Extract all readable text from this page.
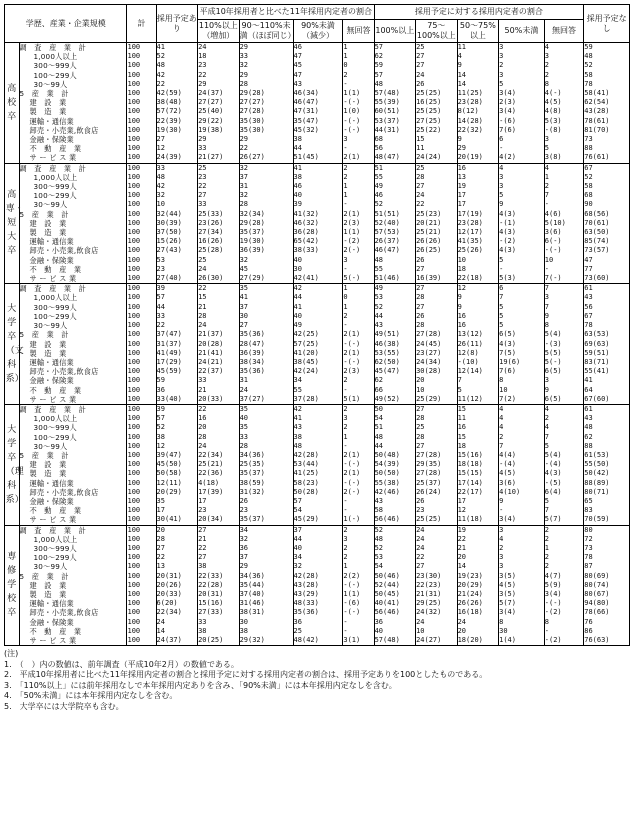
学歴、産業・企業規模		計	採用予定あり	平成10年採用者と比べた11年採用内定者の割合				採用予定に対する採用内定者の割合					採用予定なし
				110%以上（増加）	90～110%未満（ほぼ同じ）	90%未満（減少）	無回答	100%以上	75～100%以上	50～75%以上	50%未満	無回答	
高校卒	調　査　産　業　計	100	41	24	29	46	1	57	25	11	3	4	59
	1,000人以上	100	52	18	33	47	1	62	27	4	3	3	48
	300～999人	100	48	23	32	45	0	59	27	9	2	2	52
	100～299人	100	42	22	29	47	2	57	24	14	3	2	58
	30～99人	100	22	29	28	43	-	48	26	14	5	8	78
	5　産　業　計	100	42(59)	24(37)	29(28)	46(34)	1(1)	57(48)	25(25)	11(25)	3(4)	4(-)	58(41)
	建　設　業	100	38(48)	27(27)	27(27)	46(47)	-(-)	55(39)	16(25)	23(28)	2(3)	4(5)	62(54)
	製　造　業	100	57(72)	25(40)	27(28)	47(31)	1(0)	60(51)	25(25)	8(12)	3(4)	4(8)	43(28)
	運輸・通信業	100	22(39)	29(22)	35(30)	35(47)	-(-)	53(37)	27(25)	14(28)	-(6)	5(3)	78(61)
	卸売・小売業,飲食店	100	19(30)	19(38)	35(30)	45(32)	-(-)	44(31)	25(22)	22(32)	7(6)	-(8)	81(70)
	金融・保険業	100	27	29	29	38	3	68	15	9	6	3	73
	不　動　産　業	100	12	33	22	44	-	56	11	29	-	5	88
	サ ー ビ ス 業	100	24(39)	21(27)	26(27)	51(45)	2(1)	48(47)	24(24)	20(19)	4(2)	3(8)	76(61)
高専・短大卒	調　査　産　業　計	100	33	25	32	41	2	51	25	16	4	4	67
	1,000人以上	100	48	23	37	38	2	55	28	13	3	1	52
	300～999人	100	42	22	31	46	1	49	27	19	3	2	58
	100～299人	100	32	27	32	40	1	46	24	17	5	7	68
	30～99人	100	10	33	28	39	-	52	22	17	9	-	90
	5　産　業　計	100	32(44)	25(33)	32(34)	41(32)	2(1)	51(51)	25(23)	17(19)	4(3)	4(6)	68(56)
	建　設　業	100	30(39)	23(26)	29(28)	46(32)	2(3)	52(40)	20(21)	23(28)	-(1)	5(10)	70(61)
	製　造　業	100	37(50)	27(34)	35(37)	36(28)	1(1)	57(53)	25(21)	12(17)	4(3)	3(6)	63(50)
	運輸・通信業	100	15(26)	16(26)	19(30)	65(42)	-(2)	26(37)	26(26)	41(35)	-(2)	6(-)	85(74)
	卸売・小売業,飲食店	100	27(43)	25(28)	36(39)	38(33)	2(-)	46(47)	26(25)	25(26)	4(3)	-(-)	73(57)
	金融・保険業	100	53	25	32	40	3	48	26	10	5	10	47
	不　動　産　業	100	23	24	45	30	-	55	27	18	-	-	77
	サ ー ビ ス 業	100	27(40)	26(30)	27(29)	42(41)	5(-)	51(46)	16(39)	22(18)	5(3)	7(-)	73(60)
大学卒（文科系）	調　査　産　業　計	100	39	22	35	42	1	49	27	12	6	7	61
	1,000人以上	100	57	15	41	44	0	53	28	9	7	3	43
	300～999人	100	44	21	37	41	1	52	27	9	5	7	56
	100～299人	100	33	28	30	40	2	44	26	16	5	9	67
	30～99人	100	22	24	27	49	-	43	28	16	5	8	78
	5　産　業　計	100	37(47)	21(37)	35(36)	42(25)	2(1)	49(51)	27(28)	13(12)	6(5)	5(4)	63(53)
	建　設　業	100	31(37)	20(28)	28(47)	57(25)	-(-)	46(38)	24(45)	26(11)	4(3)	-(3)	69(63)
	製　造　業	100	41(49)	21(41)	36(39)	41(20)	2(1)	53(55)	23(27)	12(8)	7(5)	5(5)	59(51)
	運輸・通信業	100	17(29)	24(21)	38(34)	38(45)	-(-)	62(50)	24(34)	-(10)	19(6)	5(-)	83(71)
	卸売・小売業,飲食店	100	45(59)	22(37)	35(36)	42(24)	2(3)	45(47)	30(28)	12(14)	7(6)	6(5)	55(41)
	金融・保険業	100	59	33	31	34	2	62	20	7	8	3	41
	不　動　産　業	100	36	21	24	55	-	66	10	5	10	9	64
	サ ー ビ ス 業	100	33(40)	20(33)	37(27)	37(28)	5(1)	49(52)	25(29)	11(12)	7(2)	6(5)	67(60)
大学卒（理科系）	調　査　産　業　計	100	39	22	35	42	2	50	27	15	4	4	61
	1,000人以上	100	57	16	40	41	3	54	28	11	4	2	43
	300～999人	100	52	20	35	43	2	51	25	16	4	4	48
	100～299人	100	38	28	33	38	1	48	28	15	2	7	62
	30～99人	100	12	24	28	48	-	44	27	18	7	5	88
	5　産　業　計	100	39(47)	22(34)	34(36)	42(28)	2(1)	50(48)	27(28)	15(16)	4(4)	5(4)	61(53)
	建　設　業	100	45(50)	25(21)	25(35)	53(44)	-(-)	54(39)	29(35)	18(18)	-(4)	-(4)	55(50)
	製　造　業	100	50(58)	22(36)	35(37)	41(25)	2(1)	50(50)	27(28)	15(15)	4(5)	4(3)	50(42)
	運輸・通信業	100	12(11)	4(18)	38(59)	58(23)	-(-)	55(38)	25(37)	17(14)	3(6)	-(5)	88(89)
	卸売・小売業,飲食店	100	20(29)	17(39)	31(32)	50(28)	2(-)	42(46)	26(24)	22(17)	4(10)	6(4)	80(71)
	金融・保険業	100	35	17	26	57	-	43	26	17	9	5	65
	不　動　産　業	100	17	23	23	54	-	58	23	12	-	7	83
	サ ー ビ ス 業	100	30(41)	20(34)	35(37)	45(29)	1(-)	56(46)	25(25)	11(18)	3(4)	5(7)	70(59)
専修学校卒	調　査　産　業　計	100	20	27	34	37	2	52	24	19	3	2	80
	1,000人以上	100	28	21	32	44	3	48	24	22	4	2	72
	300～999人	100	27	22	36	40	2	52	24	21	2	1	73
	100～299人	100	22	27	37	34	2	53	22	20	3	2	78
	30～99人	100	13	38	29	32	1	54	27	14	3	2	87
	5　産　業　計	100	20(31)	22(33)	34(36)	42(28)	2(2)	50(46)	23(30)	19(23)	3(5)	4(7)	80(69)
	建　設　業	100	20(26)	22(28)	35(44)	43(28)	-(-)	52(44)	22(23)	20(29)	4(5)	5(9)	80(74)
	製　造　業	100	20(33)	20(31)	37(40)	43(29)	1(1)	50(45)	21(31)	21(24)	3(5)	3(4)	80(67)
	運輸・通信業	100	6(20)	15(16)	31(46)	48(33)	-(6)	40(41)	29(25)	26(26)	5(7)	-(-)	94(80)
	卸売・小売業,飲食店	100	22(34)	27(33)	38(31)	35(36)	-(-)	56(46)	24(32)	16(18)	3(4)	-(2)	78(66)
	金融・保険業	100	24	33	30	36	-	36	24	24	8	8	76
	不　動　産　業	100	14	38	38	25	-	40	10	20	30	-	86
	サ ー ビ ス 業	100	24(37)	20(25)	29(32)	48(42)	3(1)	57(48)	24(27)	18(20)	1(4)	-(2)	76(63)
(注)
1.　（　）内の数値は、前年調査（平成10年2月）の数値である。
2.　平成10年採用者に比べた11年採用内定者の割合と採用予定に対する採用内定者の割合は、採用予定ありを100としたものである。
3.　「110%以上」には前年採用なしで本年採用内定ありを含み、「90%未満」には本年採用内定なしを含む。
4.　「50%未満」には本年採用内定なしを含む。
5.　大学卒には大学院卒も含む。
